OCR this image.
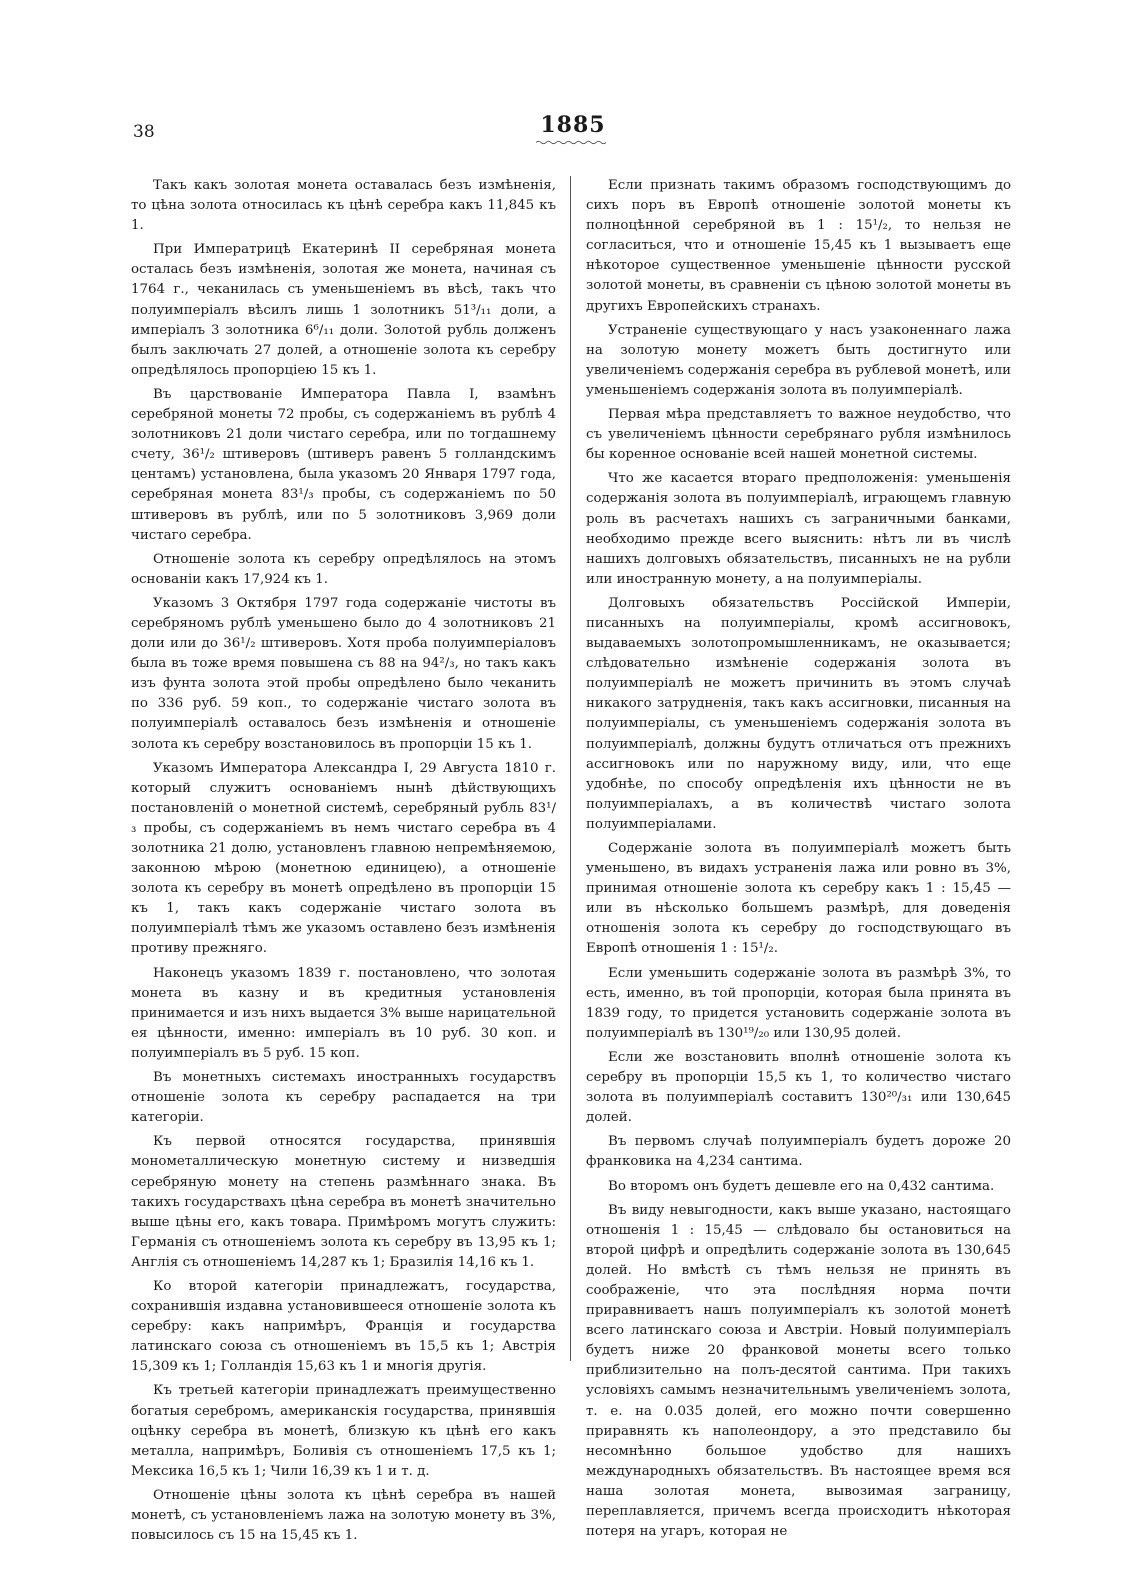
38	1885

Такъ какъ золотая монета оставалась безъ измѣненія, то цѣна золота относилась къ цѣнѣ серебра какъ 11,845 къ 1.

При Императрицѣ Екатеринѣ II серебряная монета осталась безъ измѣненія, золотая же монета, начиная съ 1764 г., чеканилась съ уменьшеніемъ въ вѣсѣ, такъ что полуимперіалъ вѣсилъ лишь 1 золотникъ 51³/₁₁ доли, а имперіалъ 3 золотника 6⁶/₁₁ доли. Золотой рубль долженъ былъ заключать 27 долей, а отношеніе золота къ серебру опредѣлялось пропорціею 15 къ 1.

Въ царствованіе Императора Павла I, взамѣнъ серебряной монеты 72 пробы, съ содержаніемъ въ рублѣ 4 золотниковъ 21 доли чистаго серебра, или по тогдашнему счету, 36¹/₂ штиверовъ (штиверъ равенъ 5 голландскимъ центамъ) установлена, была указомъ 20 Января 1797 года, серебряная монета 83¹/₃ пробы, съ содержаніемъ по 50 штиверовъ въ рублѣ, или по 5 золотниковъ 3,969 доли чистаго серебра.

Отношеніе золота къ серебру опредѣлялось на этомъ основаніи какъ 17,924 къ 1.

Указомъ 3 Октября 1797 года содержаніе чистоты въ серебряномъ рублѣ уменьшено было до 4 золотниковъ 21 доли или до 36¹/₂ штиверовъ. Хотя проба полуимперіаловъ была въ тоже время повышена съ 88 на 94²/₃, но такъ какъ изъ фунта золота этой пробы опредѣлено было чеканить по 336 руб. 59 коп., то содержаніе чистаго золота въ полуимперіалѣ оставалось безъ измѣненія и отношеніе золота къ серебру возстановилось въ пропорціи 15 къ 1.

Указомъ Императора Александра I, 29 Августа 1810 г. который служитъ основаніемъ нынѣ дѣйствующихъ постановленій о монетной системѣ, серебряный рубль 83¹/₃ пробы, съ содержаніемъ въ немъ чистаго серебра въ 4 золотника 21 долю, установленъ главною непремѣняемою, законною мѣрою (монетною единицею), а отношеніе золота къ серебру въ монетѣ опредѣлено въ пропорціи 15 къ 1, такъ какъ содержаніе чистаго золота въ полуимперіалѣ тѣмъ же указомъ оставлено безъ измѣненія противу прежняго.

Наконецъ указомъ 1839 г. постановлено, что золотая монета въ казну и въ кредитныя установленія принимается и изъ нихъ выдается 3% выше нарицательной ея цѣнности, именно: имперіалъ въ 10 руб. 30 коп. и полуимперіалъ въ 5 руб. 15 коп.

Въ монетныхъ системахъ иностранныхъ государствъ отношеніе золота къ серебру распадается на три категоріи.

Къ первой относятся государства, принявшія монометаллическую монетную систему и низведшія серебряную монету на степень размѣннаго знака. Въ такихъ государствахъ цѣна серебра въ монетѣ значительно выше цѣны его, какъ товара. Примѣромъ могутъ служить: Германія съ отношеніемъ золота къ серебру въ 13,95 къ 1; Англія съ отношеніемъ 14,287 къ 1; Бразилія 14,16 къ 1.

Ко второй категоріи принадлежатъ, государства, сохранившія издавна установившееся отношеніе золота къ серебру: какъ напримѣръ, Франція и государства латинскаго союза съ отношеніемъ въ 15,5 къ 1; Австрія 15,309 къ 1; Голландія 15,63 къ 1 и многія другія.

Къ третьей категоріи принадлежатъ преимущественно богатыя серебромъ, американскія государства, принявшія оцѣнку серебра въ монетѣ, близкую къ цѣнѣ его какъ металла, напримѣръ, Боливія съ отношеніемъ 17,5 къ 1; Мексика 16,5 къ 1; Чили 16,39 къ 1 и т. д.

Отношеніе цѣны золота къ цѣнѣ серебра въ нашей монетѣ, съ установленіемъ лажа на золотую монету въ 3%, повысилось съ 15 на 15,45 къ 1.

Если признать такимъ образомъ господствующимъ до сихъ поръ въ Европѣ отношеніе золотой монеты къ полноцѣнной серебряной въ 1 : 15¹/₂, то нельзя не согласиться, что и отношеніе 15,45 къ 1 вызываетъ еще нѣкоторое существенное уменьшеніе цѣнности русской золотой монеты, въ сравненіи съ цѣною золотой монеты въ другихъ Европейскихъ странахъ.

Устраненіе существующаго у насъ узаконеннаго лажа на золотую монету можетъ быть достигнуто или увеличеніемъ содержанія серебра въ рублевой монетѣ, или уменьшеніемъ содержанія золота въ полуимперіалѣ.

Первая мѣра представляетъ то важное неудобство, что съ увеличеніемъ цѣнности серебрянаго рубля измѣнилось бы коренное основаніе всей нашей монетной системы.

Что же касается втораго предположенія: уменьшенія содержанія золота въ полуимперіалѣ, играющемъ главную роль въ расчетахъ нашихъ съ заграничными банками, необходимо прежде всего выяснить: нѣтъ ли въ числѣ нашихъ долговыхъ обязательствъ, писанныхъ не на рубли или иностранную монету, а на полуимперіалы.

Долговыхъ обязательствъ Россійской Имперіи, писанныхъ на полуимперіалы, кромѣ ассигновокъ, выдаваемыхъ золотопромышленникамъ, не оказывается; слѣдовательно измѣненіе содержанія золота въ полуимперіалѣ не можетъ причинить въ этомъ случаѣ никакого затрудненія, такъ какъ ассигновки, писанныя на полуимперіалы, съ уменьшеніемъ содержанія золота въ полуимперіалѣ, должны будутъ отличаться отъ прежнихъ ассигновокъ или по наружному виду, или, что еще удобнѣе, по способу опредѣленія ихъ цѣнности не въ полуимперіалахъ, а въ количествѣ чистаго золота полуимперіалами.

Содержаніе золота въ полуимперіалѣ можетъ быть уменьшено, въ видахъ устраненія лажа или ровно въ 3%, принимая отношеніе золота къ серебру какъ 1 : 15,45 — или въ нѣсколько большемъ размѣрѣ, для доведенія отношенія золота къ серебру до господствующаго въ Европѣ отношенія 1 : 15¹/₂.

Если уменьшить содержаніе золота въ размѣрѣ 3%, то есть, именно, въ той пропорціи, которая была принята въ 1839 году, то придется установить содержаніе золота въ полуимперіалѣ въ 130¹⁹/₂₀ или 130,95 долей.

Если же возстановить вполнѣ отношеніе золота къ серебру въ пропорціи 15,5 къ 1, то количество чистаго золота въ полуимперіалѣ составитъ 130²⁰/₃₁ или 130,645 долей.

Въ первомъ случаѣ полуимперіалъ будетъ дороже 20 франковика на 4,234 сантима.

Во второмъ онъ будетъ дешевле его на 0,432 сантима.

Въ виду невыгодности, какъ выше указано, настоящаго отношенія 1 : 15,45 — слѣдовало бы остановиться на второй цифрѣ и опредѣлить содержаніе золота въ 130,645 долей. Но вмѣстѣ съ тѣмъ нельзя не принять въ соображеніе, что эта послѣдняя норма почти приравниваетъ нашъ полуимперіалъ къ золотой монетѣ всего латинскаго союза и Австріи. Новый полуимперіалъ будетъ ниже 20 франковой монеты всего только приблизительно на полъ-десятой сантима. При такихъ условіяхъ самымъ незначительнымъ увеличеніемъ золота, т. е. на 0.035 долей, его можно почти совершенно приравнять къ наполеондору, а это представило бы несомнѣнно большое удобство для нашихъ международныхъ обязательствъ. Въ настоящее время вся наша золотая монета, вывозимая заграницу, переплавляется, причемъ всегда происходитъ нѣкоторая потеря на угаръ, которая не
